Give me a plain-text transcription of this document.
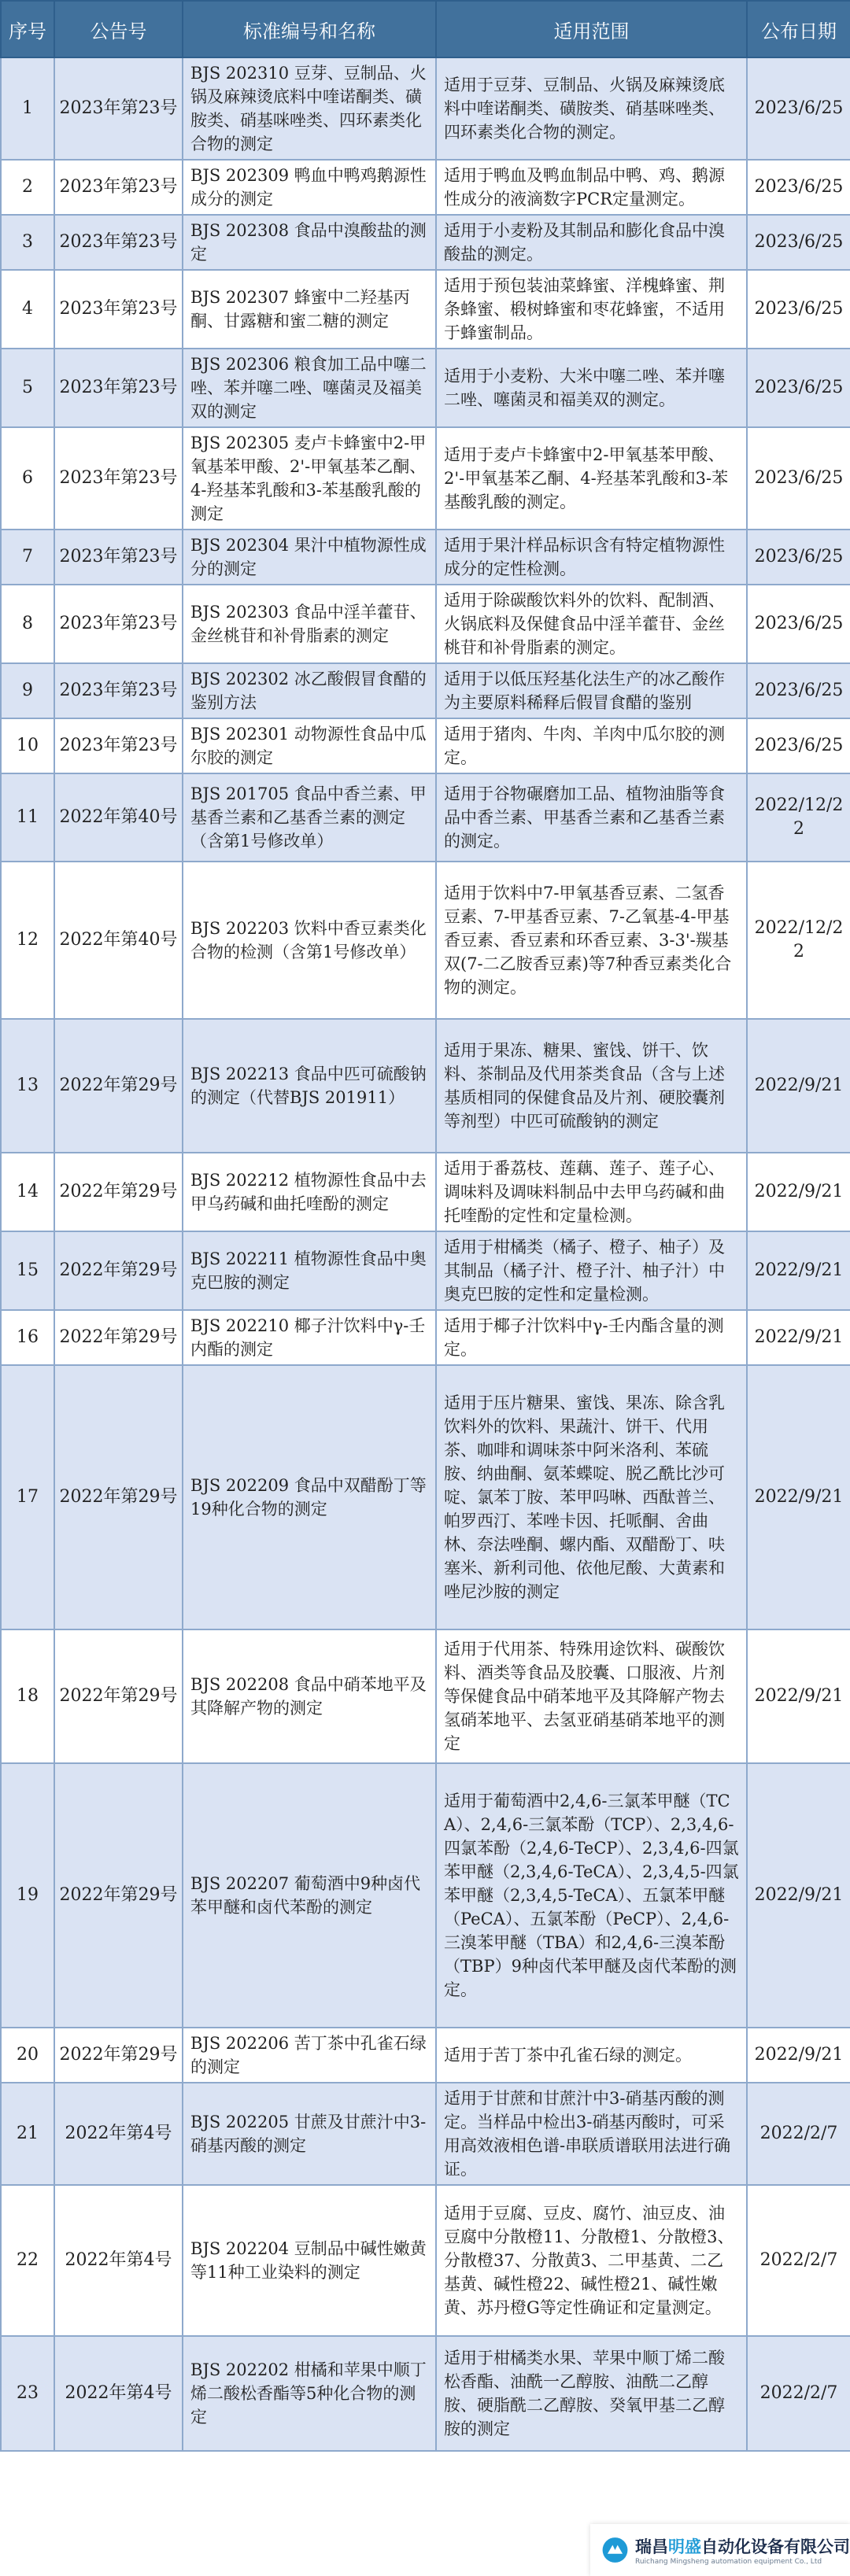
序号	公告号	标准编号和名称	适用范围	公布日期
1	2023年第23号	BJS 202310 豆芽、豆制品、火锅及麻辣烫底料中喹诺酮类、磺胺类、硝基咪唑类、四环素类化合物的测定	适用于豆芽、豆制品、火锅及麻辣烫底料中喹诺酮类、磺胺类、硝基咪唑类、四环素类化合物的测定。	2023/6/25
2	2023年第23号	BJS 202309 鸭血中鸭鸡鹅源性成分的测定	适用于鸭血及鸭血制品中鸭、鸡、鹅源性成分的液滴数字PCR定量测定。	2023/6/25
3	2023年第23号	BJS 202308 食品中溴酸盐的测定	适用于小麦粉及其制品和膨化食品中溴酸盐的测定。	2023/6/25
4	2023年第23号	BJS 202307 蜂蜜中二羟基丙酮、甘露糖和蜜二糖的测定	适用于预包装油菜蜂蜜、洋槐蜂蜜、荆条蜂蜜、椴树蜂蜜和枣花蜂蜜，不适用于蜂蜜制品。	2023/6/25
5	2023年第23号	BJS 202306 粮食加工品中噻二唑、苯并噻二唑、噻菌灵及福美双的测定	适用于小麦粉、大米中噻二唑、苯并噻二唑、噻菌灵和福美双的测定。	2023/6/25
6	2023年第23号	BJS 202305 麦卢卡蜂蜜中2-甲氧基苯甲酸、2'-甲氧基苯乙酮、4-羟基苯乳酸和3-苯基酸乳酸的测定	适用于麦卢卡蜂蜜中2-甲氧基苯甲酸、2'-甲氧基苯乙酮、4-羟基苯乳酸和3-苯基酸乳酸的测定。	2023/6/25
7	2023年第23号	BJS 202304 果汁中植物源性成分的测定	适用于果汁样品标识含有特定植物源性成分的定性检测。	2023/6/25
8	2023年第23号	BJS 202303 食品中淫羊藿苷、金丝桃苷和补骨脂素的测定	适用于除碳酸饮料外的饮料、配制酒、火锅底料及保健食品中淫羊藿苷、金丝桃苷和补骨脂素的测定。	2023/6/25
9	2023年第23号	BJS 202302 冰乙酸假冒食醋的鉴别方法	适用于以低压羟基化法生产的冰乙酸作为主要原料稀释后假冒食醋的鉴别	2023/6/25
10	2023年第23号	BJS 202301 动物源性食品中瓜尔胶的测定	适用于猪肉、牛肉、羊肉中瓜尔胶的测定。	2023/6/25
11	2022年第40号	BJS 201705 食品中香兰素、甲基香兰素和乙基香兰素的测定（含第1号修改单）	适用于谷物碾磨加工品、植物油脂等食品中香兰素、甲基香兰素和乙基香兰素的测定。	2022/12/22
12	2022年第40号	BJS 202203 饮料中香豆素类化合物的检测（含第1号修改单）	适用于饮料中7-甲氧基香豆素、二氢香豆素、7-甲基香豆素、7-乙氧基-4-甲基香豆素、香豆素和环香豆素、3-3'-羰基双(7-二乙胺香豆素)等7种香豆素类化合物的测定。	2022/12/22
13	2022年第29号	BJS 202213 食品中匹可硫酸钠的测定（代替BJS 201911）	适用于果冻、糖果、蜜饯、饼干、饮料、茶制品及代用茶类食品（含与上述基质相同的保健食品及片剂、硬胶囊剂等剂型）中匹可硫酸钠的测定	2022/9/21
14	2022年第29号	BJS 202212 植物源性食品中去甲乌药碱和曲托喹酚的测定	适用于番荔枝、莲藕、莲子、莲子心、调味料及调味料制品中去甲乌药碱和曲托喹酚的定性和定量检测。	2022/9/21
15	2022年第29号	BJS 202211 植物源性食品中奥克巴胺的测定	适用于柑橘类（橘子、橙子、柚子）及其制品（橘子汁、橙子汁、柚子汁）中奥克巴胺的定性和定量检测。	2022/9/21
16	2022年第29号	BJS 202210 椰子汁饮料中γ-壬内酯的测定	适用于椰子汁饮料中γ-壬内酯含量的测定。	2022/9/21
17	2022年第29号	BJS 202209 食品中双醋酚丁等19种化合物的测定	适用于压片糖果、蜜饯、果冻、除含乳饮料外的饮料、果蔬汁、饼干、代用茶、咖啡和调味茶中阿米洛利、苯硫胺、纳曲酮、氨苯蝶啶、脱乙酰比沙可啶、氯苯丁胺、苯甲吗啉、西酞普兰、帕罗西汀、苯唑卡因、托哌酮、舍曲林、奈法唑酮、螺内酯、双醋酚丁、呋塞米、新利司他、依他尼酸、大黄素和唑尼沙胺的测定	2022/9/21
18	2022年第29号	BJS 202208 食品中硝苯地平及其降解产物的测定	适用于代用茶、特殊用途饮料、碳酸饮料、酒类等食品及胶囊、口服液、片剂等保健食品中硝苯地平及其降解产物去氢硝苯地平、去氢亚硝基硝苯地平的测定	2022/9/21
19	2022年第29号	BJS 202207 葡萄酒中9种卤代苯甲醚和卤代苯酚的测定	适用于葡萄酒中2,4,6-三氯苯甲醚（TCA）、2,4,6-三氯苯酚（TCP）、2,3,4,6-四氯苯酚（2,4,6-TeCP）、2,3,4,6-四氯苯甲醚（2,3,4,6-TeCA）、2,3,4,5-四氯苯甲醚（2,3,4,5-TeCA）、五氯苯甲醚（PeCA）、五氯苯酚（PeCP）、2,4,6-三溴苯甲醚（TBA）和2,4,6-三溴苯酚（TBP）9种卤代苯甲醚及卤代苯酚的测定。	2022/9/21
20	2022年第29号	BJS 202206 苦丁茶中孔雀石绿的测定	适用于苦丁茶中孔雀石绿的测定。	2022/9/21
21	2022年第4号	BJS 202205 甘蔗及甘蔗汁中3-硝基丙酸的测定	适用于甘蔗和甘蔗汁中3-硝基丙酸的测定。当样品中检出3-硝基丙酸时，可采用高效液相色谱-串联质谱联用法进行确证。	2022/2/7
22	2022年第4号	BJS 202204 豆制品中碱性嫩黄等11种工业染料的测定	适用于豆腐、豆皮、腐竹、油豆皮、油豆腐中分散橙11、分散橙1、分散橙3、分散橙37、分散黄3、二甲基黄、二乙基黄、碱性橙22、碱性橙21、碱性嫩黄、苏丹橙G等定性确证和定量测定。	2022/2/7
23	2022年第4号	BJS 202202 柑橘和苹果中顺丁烯二酸松香酯等5种化合物的测定	适用于柑橘类水果、苹果中顺丁烯二酸松香酯、油酰一乙醇胺、油酰二乙醇胺、硬脂酰二乙醇胺、癸氧甲基二乙醇胺的测定	2022/2/7
瑞昌明盛自动化设备有限公司
Ruichang Mingsheng automation equipment Co., Ltd
